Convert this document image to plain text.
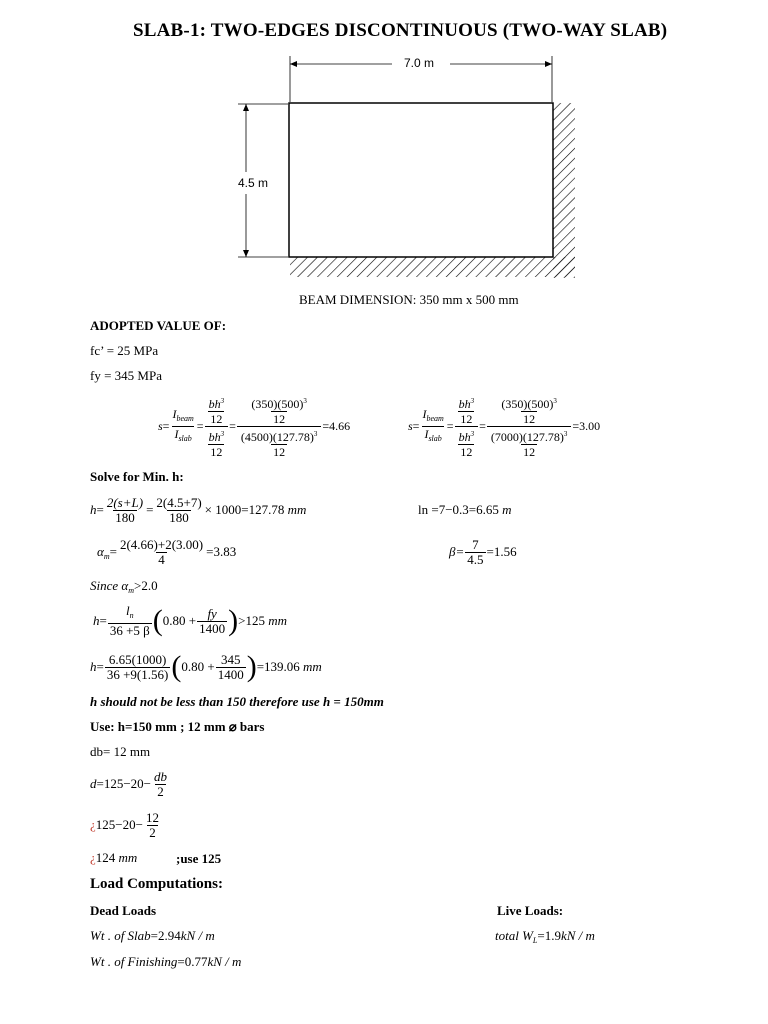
SLAB-1: TWO-EDGES DISCONTINUOUS (TWO-WAY SLAB)
7.0 m
4.5 m
BEAM DIMENSION: 350 mm x 500 mm
ADOPTED VALUE OF:
fc’ = 25 MPa
fy = 345 MPa
$s = \frac{I_{beam}}{I_{slab}} = \frac{\frac{bh^3}{12}}{\frac{bh^3}{12}} = \frac{\frac{(350)(500)^3}{12}}{\frac{(4500)(127.78)^3}{12}} =4.66$	$s = \frac{I_{beam}}{I_{slab}} = \frac{\frac{bh^3}{12}}{\frac{bh^3}{12}} = \frac{\frac{(350)(500)^3}{12}}{\frac{(7000)(127.78)^3}{12}} =3.00$
Solve for Min. h:
$h = \frac{2(s+L)}{180} = \frac{2(4.5+7)}{180} \times 1000=127.78$
mm	ln =7−0.3=6.65 m
$\alpha_m = \frac{2(4.66)+2(3.00)}{4} =3.83$	$\beta= \frac{7}{4.5} =1.56$
Since $\alpha_m>2.0$
$h = \frac{l_n}{36 +5 \beta}$ ( $0.80 + \frac{fy}{1400}$ ) >125
mm
$h = \frac{6.65(1000)}{36 +9(1.56)}$ ( $0.80 + \frac{345}{1400}$ ) =139.06
mm
h should not be less than 150 therefore use h = 150mm
Use: h=150 mm ; 12 mm ⌀ bars
db= 12 mm
$d =125-20- \frac{db}{2}$
¿ $125-20- \frac{12}{2}$
¿124 mm	;use 125
Load Computations:
Dead Loads	Live Loads:
Wt . of Slab=2.94kN / m	total $W_L=1.9kN / m$
Wt . of Finishing=0.77kN / m
